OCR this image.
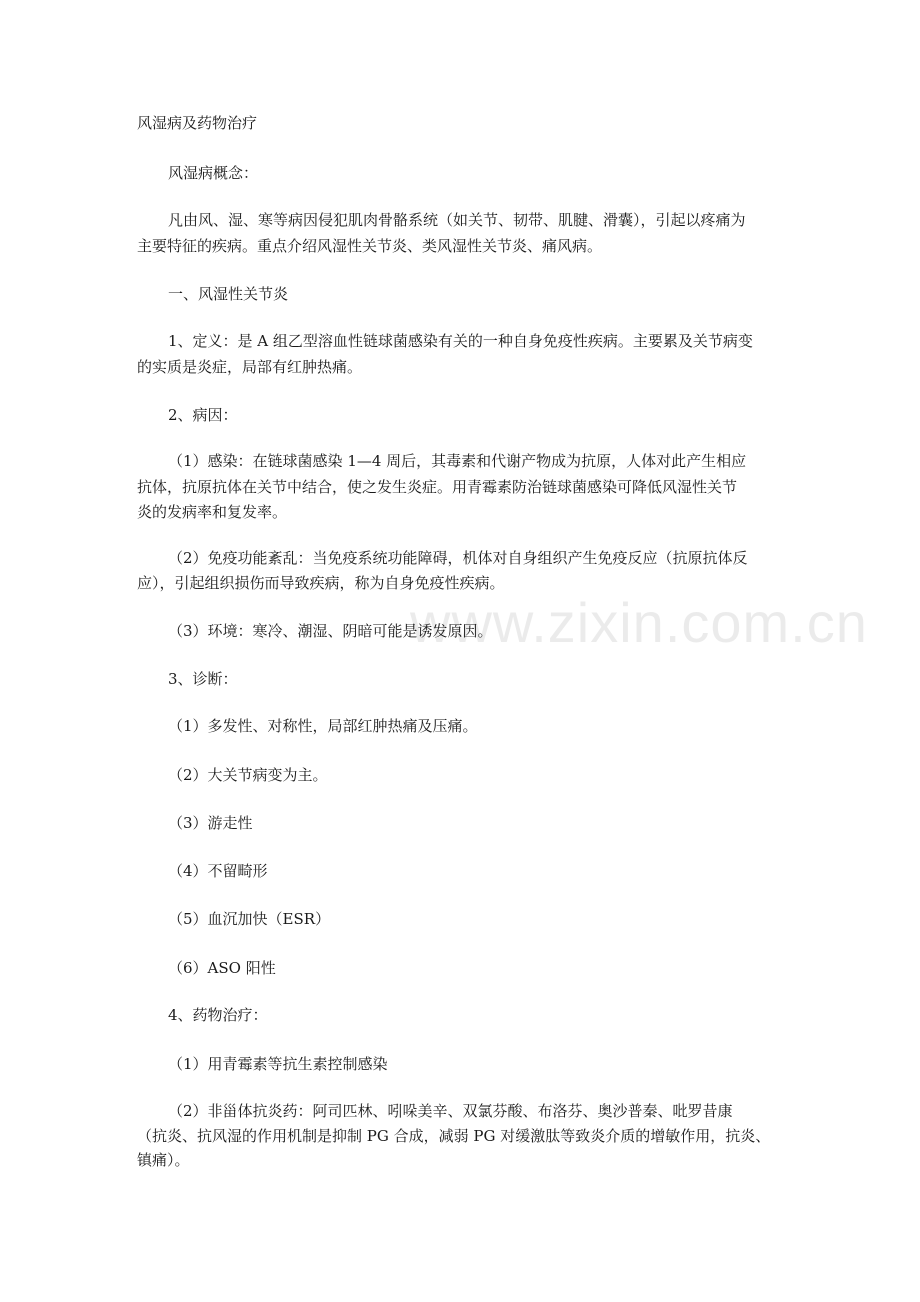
www.zixin.com.cn
风湿病及药物治疗
风湿病概念：
凡由风、湿、寒等病因侵犯肌肉骨骼系统（如关节、韧带、肌腱、滑囊），引起以疼痛为
主要特征的疾病。重点介绍风湿性关节炎、类风湿性关节炎、痛风病。
一、风湿性关节炎
1、定义：是 A 组乙型溶血性链球菌感染有关的一种自身免疫性疾病。主要累及关节病变
的实质是炎症，局部有红肿热痛。
2、病因：
（1）感染：在链球菌感染 1—4 周后，其毒素和代谢产物成为抗原，人体对此产生相应
抗体，抗原抗体在关节中结合，使之发生炎症。用青霉素防治链球菌感染可降低风湿性关节
炎的发病率和复发率。
（2）免疫功能紊乱：当免疫系统功能障碍，机体对自身组织产生免疫反应（抗原抗体反
应），引起组织损伤而导致疾病，称为自身免疫性疾病。
（3）环境：寒冷、潮湿、阴暗可能是诱发原因。
3、诊断：
（1）多发性、对称性，局部红肿热痛及压痛。
（2）大关节病变为主。
（3）游走性
（4）不留畸形
（5）血沉加快（ESR）
（6）ASO 阳性
4、药物治疗：
（1）用青霉素等抗生素控制感染
（2）非甾体抗炎药：阿司匹林、吲哚美辛、双氯芬酸、布洛芬、奥沙普秦、吡罗昔康
（抗炎、抗风湿的作用机制是抑制 PG 合成，减弱 PG 对缓激肽等致炎介质的增敏作用，抗炎、
镇痛）。
